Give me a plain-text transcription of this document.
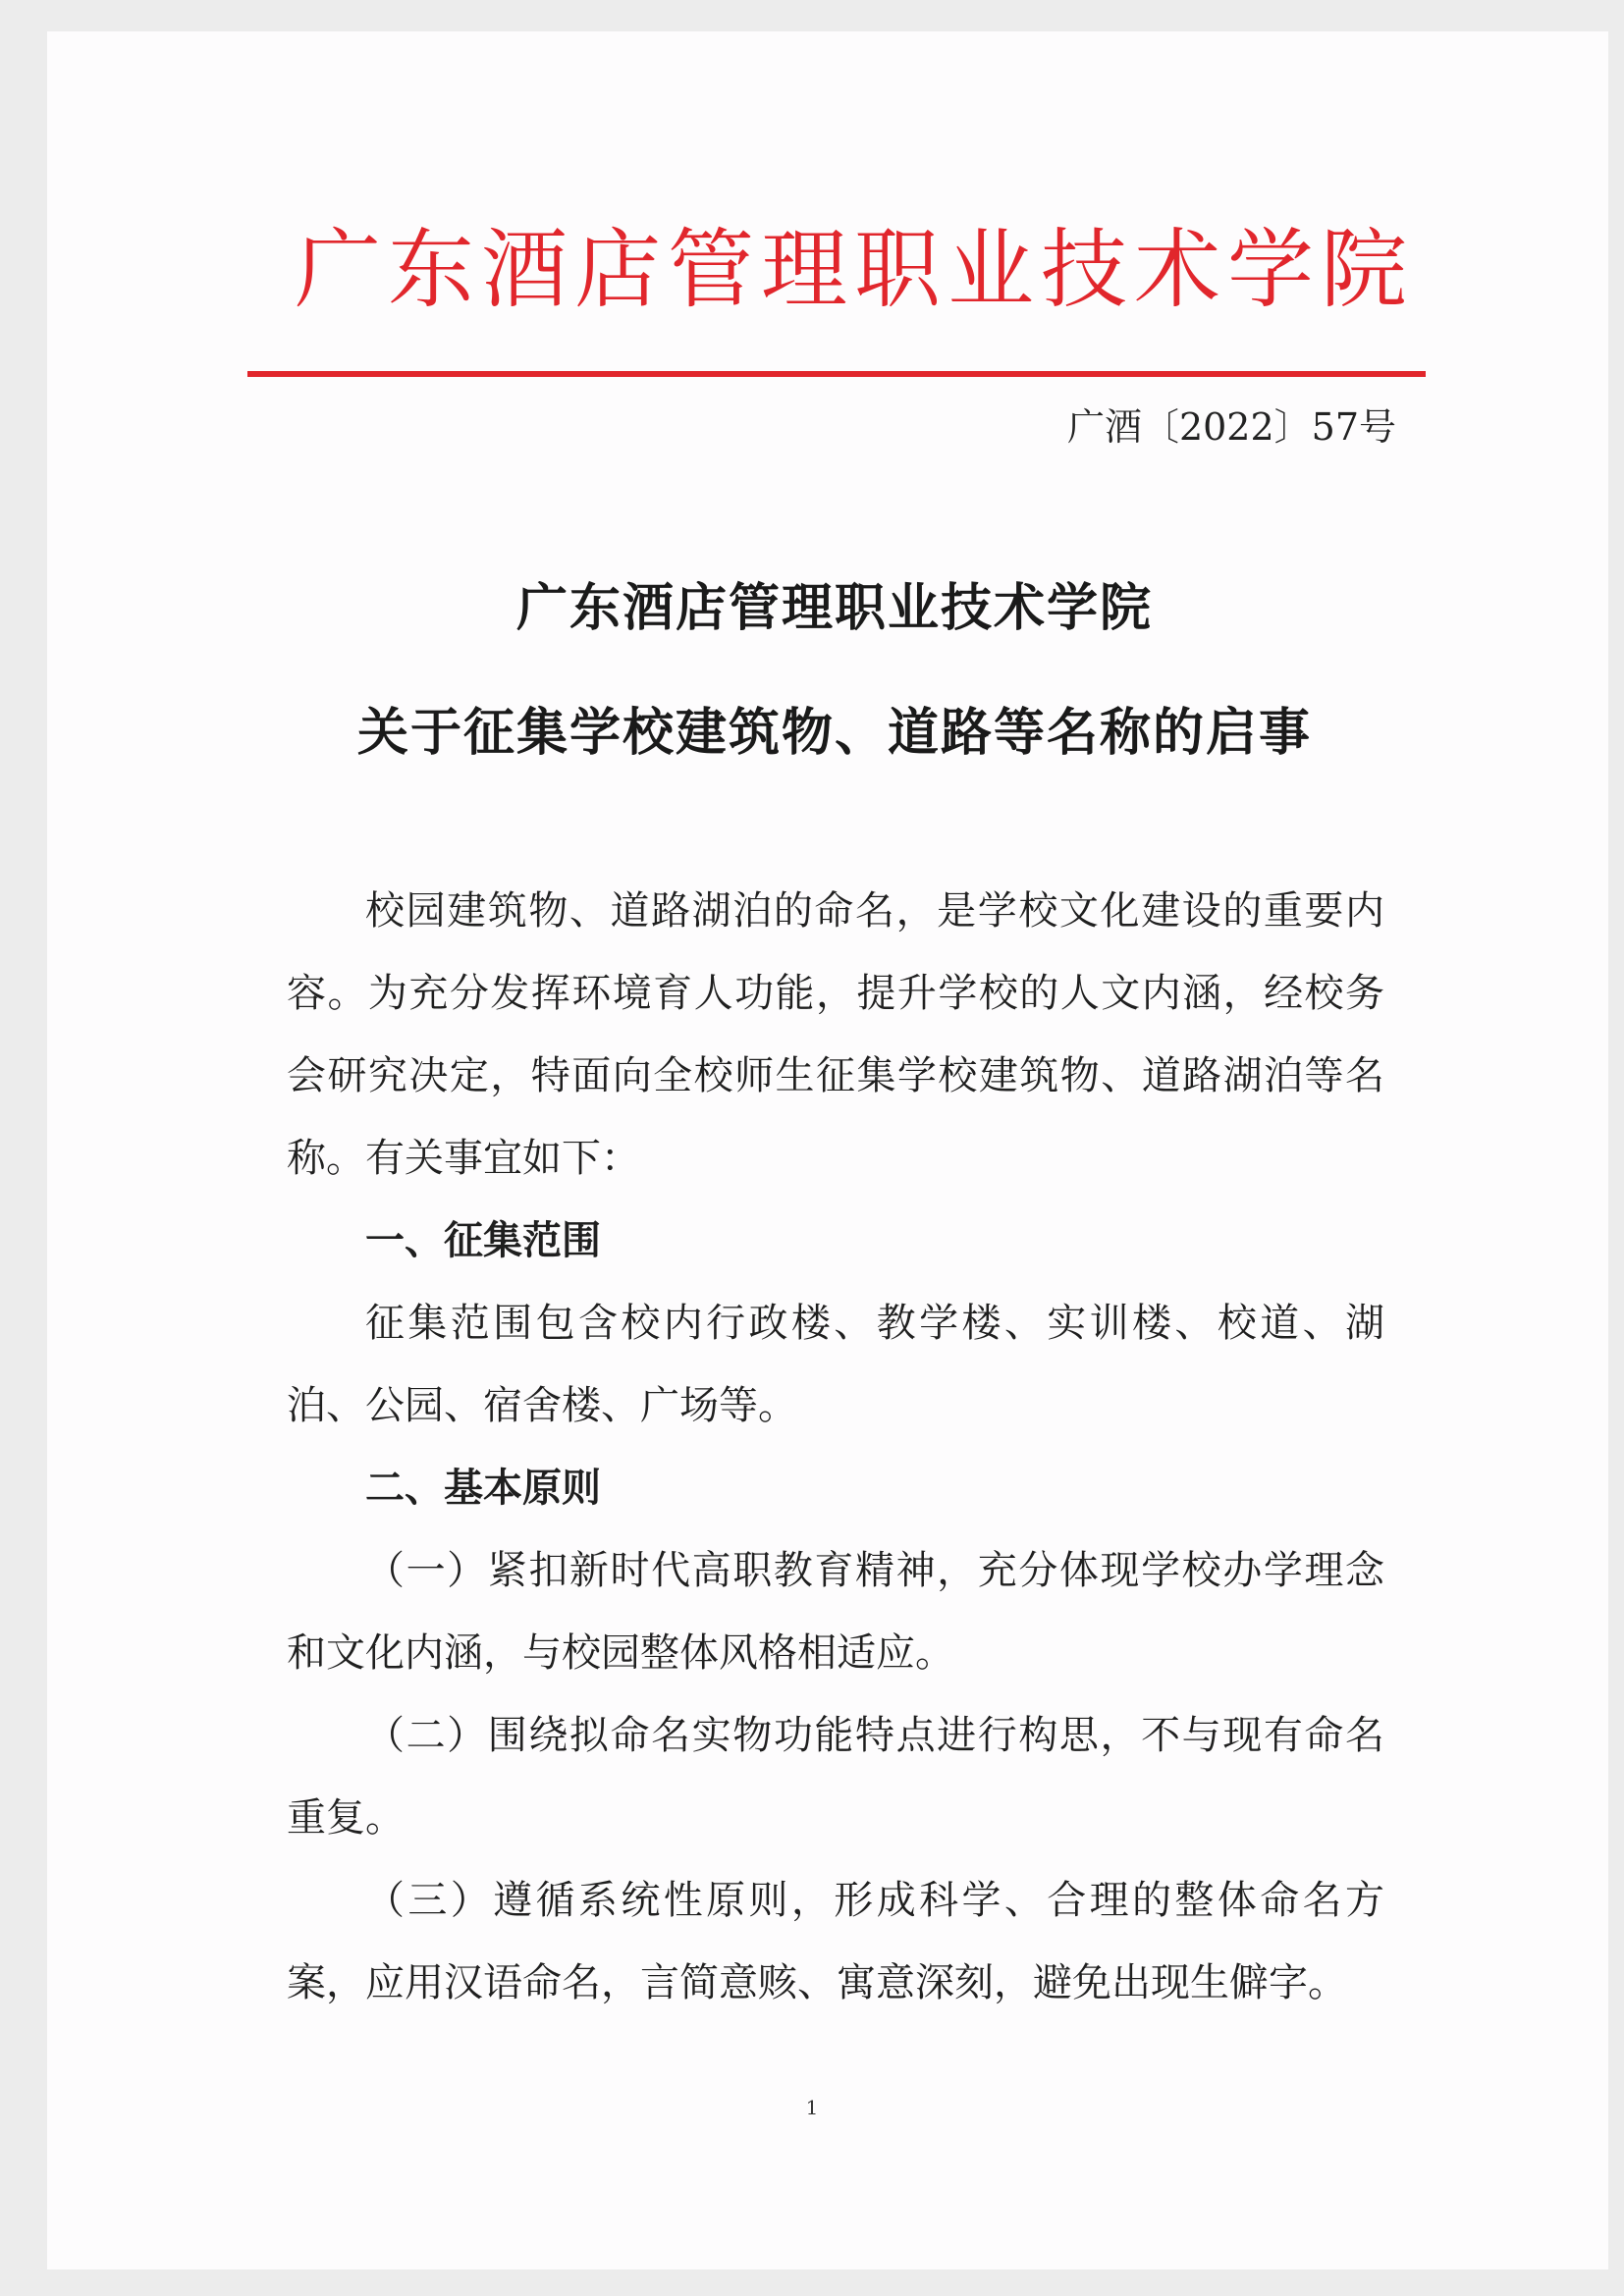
广东酒店管理职业技术学院
广酒〔2022〕57号
广东酒店管理职业技术学院
关于征集学校建筑物、道路等名称的启事

校园建筑物、道路湖泊的命名，是学校文化建设的重要内容。为充分发挥环境育人功能，提升学校的人文内涵，经校务会研究决定，特面向全校师生征集学校建筑物、道路湖泊等名称。有关事宜如下：

一、征集范围

征集范围包含校内行政楼、教学楼、实训楼、校道、湖泊、公园、宿舍楼、广场等。

二、基本原则

（一）紧扣新时代高职教育精神，充分体现学校办学理念和文化内涵，与校园整体风格相适应。

（二）围绕拟命名实物功能特点进行构思，不与现有命名重复。

（三）遵循系统性原则，形成科学、合理的整体命名方案，应用汉语命名，言简意赅、寓意深刻，避免出现生僻字。

1
